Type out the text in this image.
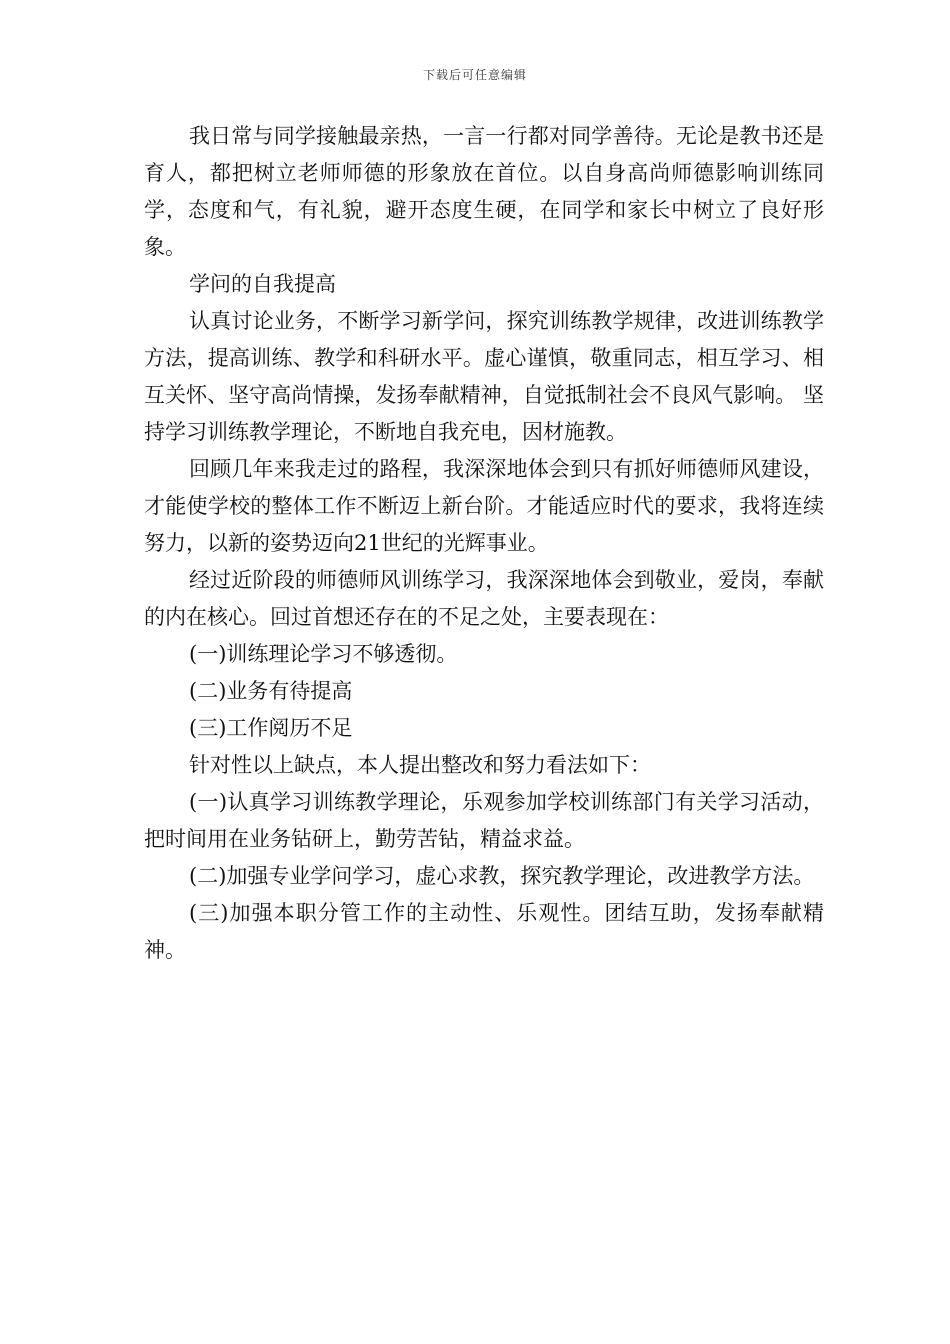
下载后可任意编辑

我日常与同学接触最亲热，一言一行都对同学善待。无论是教书还是育人，都把树立老师师德的形象放在首位。以自身高尚师德影响训练同学，态度和气，有礼貌，避开态度生硬，在同学和家长中树立了良好形象。

学问的自我提高

认真讨论业务，不断学习新学问，探究训练教学规律，改进训练教学方法，提高训练、教学和科研水平。虚心谨慎，敬重同志，相互学习、相互关怀、坚守高尚情操，发扬奉献精神，自觉抵制社会不良风气影响。 坚持学习训练教学理论，不断地自我充电，因材施教。

回顾几年来我走过的路程，我深深地体会到只有抓好师德师风建设，才能使学校的整体工作不断迈上新台阶。才能适应时代的要求，我将连续努力，以新的姿势迈向21世纪的光辉事业。

经过近阶段的师德师风训练学习，我深深地体会到敬业，爱岗，奉献的内在核心。回过首想还存在的不足之处，主要表现在：

(一)训练理论学习不够透彻。

(二)业务有待提高

(三)工作阅历不足

针对性以上缺点，本人提出整改和努力看法如下：

(一)认真学习训练教学理论，乐观参加学校训练部门有关学习活动，把时间用在业务钻研上，勤劳苦钻，精益求益。

(二)加强专业学问学习，虚心求教，探究教学理论，改进教学方法。

(三)加强本职分管工作的主动性、乐观性。团结互助，发扬奉献精神。
